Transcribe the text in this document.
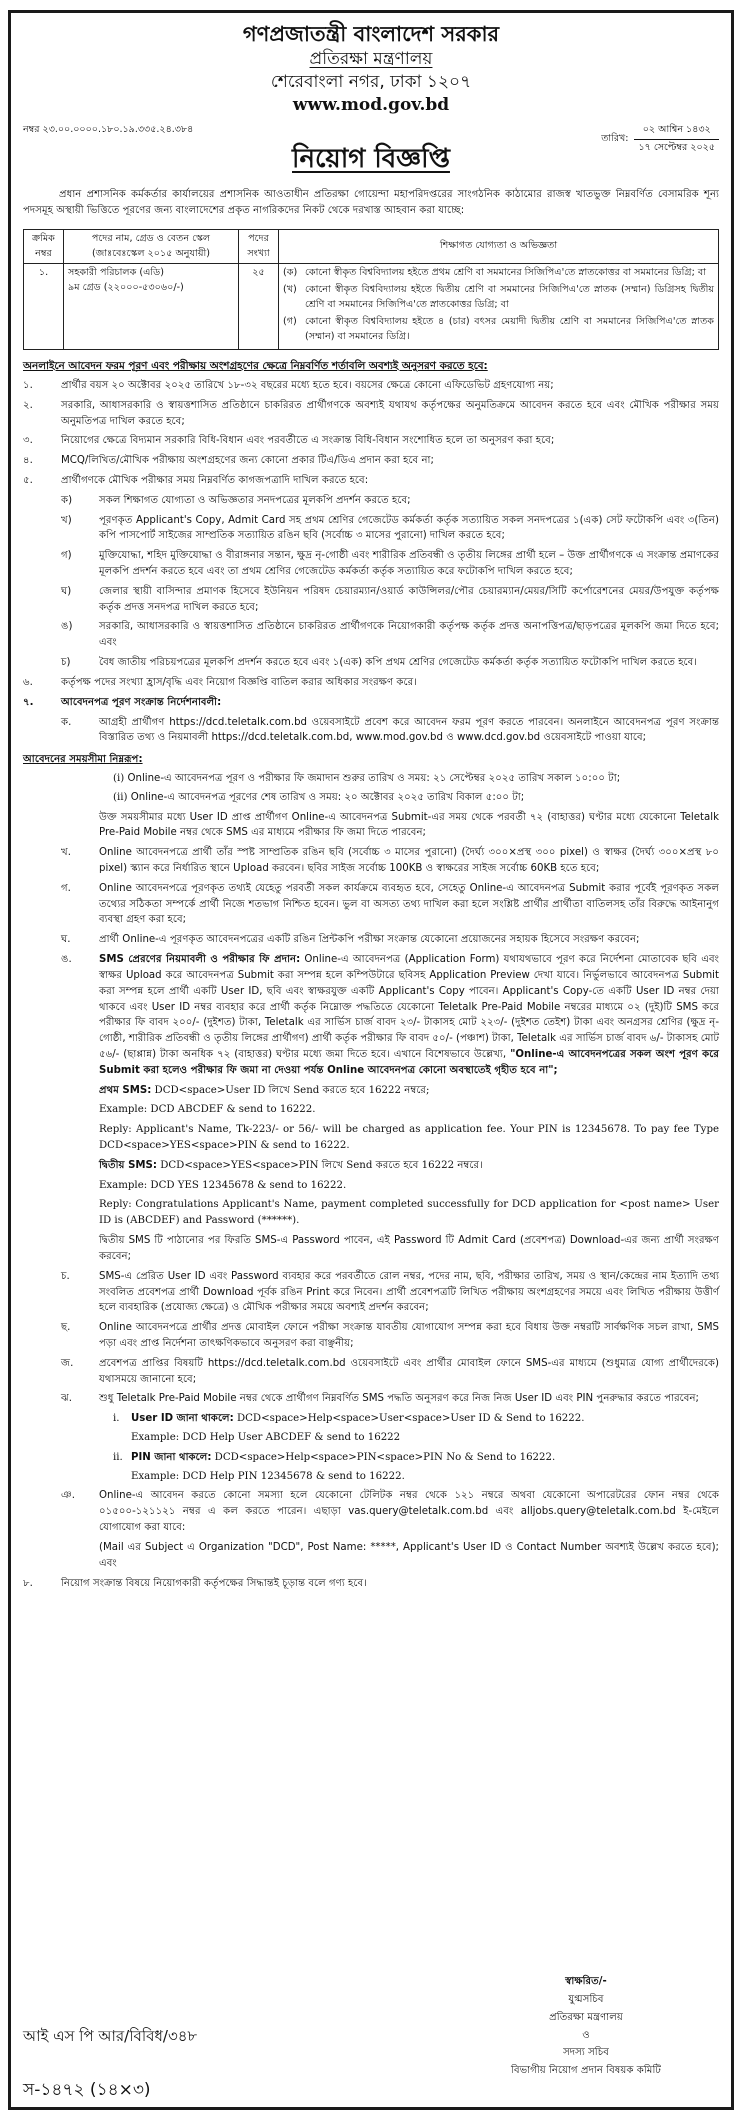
গণপ্রজাতন্ত্রী বাংলাদেশ সরকার
প্রতিরক্ষা মন্ত্রণালয়
শেরেবাংলা নগর, ঢাকা ১২০৭
www.mod.gov.bd
নম্বর ২৩.০০.০০০০.১৮০.১৯.৩৩৫.২৪.৩৮৪
তারিখ:
০২ আশ্বিন ১৪৩২
১৭ সেপ্টেম্বর ২০২৫
নিয়োগ বিজ্ঞপ্তি

প্রধান প্রশাসনিক কর্মকর্তার কার্যালয়ের প্রশাসনিক আওতাধীন প্রতিরক্ষা গোয়েন্দা মহাপরিদপ্তরের সাংগঠনিক কাঠামোর রাজস্ব খাতভুক্ত নিম্নবর্ণিত বেসামরিক শূন্য পদসমূহ অস্থায়ী ভিত্তিতে পূরণের জন্য বাংলাদেশের প্রকৃত নাগরিকদের নিকট থেকে দরখাস্ত আহবান করা যাচ্ছে:

ক্রমিক নম্বর	পদের নাম, গ্রেড ও বেতন স্কেল (জাঃবেঃস্কেল ২০১৫ অনুযায়ী)	পদের সংখ্যা	শিক্ষাগত যোগ্যতা ও অভিজ্ঞতা
১.	সহকারী পরিচালক (এডি)
৯ম গ্রেড (২২০০০-৫৩০৬০/-)
	২৫	(ক) কোনো স্বীকৃত বিশ্ববিদ্যালয় হইতে প্রথম শ্রেণি বা সমমানের সিজিপিএ'তে স্নাতকোত্তর বা সমমানের ডিগ্রি; বা
(খ) কোনো স্বীকৃত বিশ্ববিদ্যালয় হইতে দ্বিতীয় শ্রেণি বা সমমানের সিজিপিএ'তে স্নাতক (সম্মান) ডিগ্রিসহ দ্বিতীয় শ্রেণি বা সমমানের সিজিপিএ'তে স্নাতকোত্তর ডিগ্রি; বা
(গ) কোনো স্বীকৃত বিশ্ববিদ্যালয় হইতে ৪ (চার) বৎসর মেয়াদী দ্বিতীয় শ্রেণি বা সমমানের সিজিপিএ'তে স্নাতক (সম্মান) বা সমমানের ডিগ্রি।
অনলাইনে আবেদন ফরম পূরণ এবং পরীক্ষায় অংশগ্রহণের ক্ষেত্রে নিম্নবর্ণিত শর্তাবলি অবশ্যই অনুসরণ করতে হবে:
১.	প্রার্থীর বয়স ২০ অক্টোবর ২০২৫ তারিখে ১৮-৩২ বছরের মধ্যে হতে হবে। বয়সের ক্ষেত্রে কোনো এফিডেভিট গ্রহণযোগ্য নয়;
২.	সরকারি, আধাসরকারি ও স্বায়ত্তশাসিত প্রতিষ্ঠানে চাকরিরত প্রার্থীগণকে অবশ্যই যথাযথ কর্তৃপক্ষের অনুমতিক্রমে আবেদন করতে হবে এবং মৌখিক পরীক্ষার সময় অনুমতিপত্র দাখিল করতে হবে;
৩.	নিয়োগের ক্ষেত্রে বিদ্যমান সরকারি বিধি-বিধান এবং পরবর্তীতে এ সংক্রান্ত বিধি-বিধান সংশোধিত হলে তা অনুসরণ করা হবে;
৪.	MCQ/লিখিত/মৌখিক পরীক্ষায় অংশগ্রহণের জন্য কোনো প্রকার টিএ/ডিএ প্রদান করা হবে না;
৫.	প্রার্থীগণকে মৌখিক পরীক্ষার সময় নিম্নবর্ণিত কাগজপত্রাদি দাখিল করতে হবে:
ক)	সকল শিক্ষাগত যোগ্যতা ও অভিজ্ঞতার সনদপত্রের মূলকপি প্রদর্শন করতে হবে;
খ)	পূরণকৃত Applicant's Copy, Admit Card সহ প্রথম শ্রেণির গেজেটেড কর্মকর্তা কর্তৃক সত্যায়িত সকল সনদপত্রের ১(এক) সেট ফটোকপি এবং ৩(তিন) কপি পাসপোর্ট সাইজের সাম্প্রতিক সত্যায়িত রঙিন ছবি (সর্বোচ্চ ৩ মাসের পুরানো) দাখিল করতে হবে;
গ)	মুক্তিযোদ্ধা, শহিদ মুক্তিযোদ্ধা ও বীরাঙ্গনার সন্তান, ক্ষুদ্র নৃ-গোষ্ঠী এবং শারীরিক প্রতিবন্ধী ও তৃতীয় লিঙ্গের প্রার্থী হলে – উক্ত প্রার্থীগণকে এ সংক্রান্ত প্রমাণকের মূলকপি প্রদর্শন করতে হবে এবং তা প্রথম শ্রেণির গেজেটেড কর্মকর্তা কর্তৃক সত্যায়িত করে ফটোকপি দাখিল করতে হবে;
ঘ)	জেলার স্থায়ী বাসিন্দার প্রমাণক হিসেবে ইউনিয়ন পরিষদ চেয়ারম্যান/ওয়ার্ড কাউন্সিলর/পৌর চেয়ারম্যান/মেয়র/সিটি কর্পোরেশনের মেয়র/উপযুক্ত কর্তৃপক্ষ কর্তৃক প্রদত্ত সনদপত্র দাখিল করতে হবে;
ঙ)	সরকারি, আধাসরকারি ও স্বায়ত্তশাসিত প্রতিষ্ঠানে চাকরিরত প্রার্থীগণকে নিয়োগকারী কর্তৃপক্ষ কর্তৃক প্রদত্ত অনাপত্তিপত্র/ছাড়পত্রের মূলকপি জমা দিতে হবে; এবং
চ)	বৈধ জাতীয় পরিচয়পত্রের মূলকপি প্রদর্শন করতে হবে এবং ১(এক) কপি প্রথম শ্রেণির গেজেটেড কর্মকর্তা কর্তৃক সত্যায়িত ফটোকপি দাখিল করতে হবে।
৬.	কর্তৃপক্ষ পদের সংখ্যা হ্রাস/বৃদ্ধি এবং নিয়োগ বিজ্ঞপ্তি বাতিল করার অধিকার সংরক্ষণ করে।
৭.	আবেদনপত্র পূরণ সংক্রান্ত নির্দেশনাবলী:
ক.	আগ্রহী প্রার্থীগণ https://dcd.teletalk.com.bd ওয়েবসাইটে প্রবেশ করে আবেদন ফরম পূরণ করতে পারবেন। অনলাইনে আবেদনপত্র পূরণ সংক্রান্ত বিস্তারিত তথ্য ও নিয়মাবলী https://dcd.teletalk.com.bd, www.mod.gov.bd ও www.dcd.gov.bd ওয়েবসাইটে পাওয়া যাবে;
আবেদনের সময়সীমা নিম্নরূপ:
(i) Online-এ আবেদনপত্র পূরণ ও পরীক্ষার ফি জমাদান শুরুর তারিখ ও সময়: ২১ সেপ্টেম্বর ২০২৫ তারিখ সকাল ১০:০০ টা;
(ii) Online-এ আবেদনপত্র পূরণের শেষ তারিখ ও সময়: ২০ অক্টোবর ২০২৫ তারিখ বিকাল ৫:০০ টা;

উক্ত সময়সীমার মধ্যে User ID প্রাপ্ত প্রার্থীগণ Online-এ আবেদনপত্র Submit-এর সময় থেকে পরবর্তী ৭২ (বাহাত্তর) ঘণ্টার মধ্যে যেকোনো Teletalk Pre-Paid Mobile নম্বর থেকে SMS এর মাধ্যমে পরীক্ষার ফি জমা দিতে পারবেন;

খ.	Online আবেদনপত্রে প্রার্থী তাঁর স্পষ্ট সাম্প্রতিক রঙিন ছবি (সর্বোচ্চ ৩ মাসের পুরানো) (দৈর্ঘ্য ৩০০×প্রস্থ ৩০০ pixel) ও স্বাক্ষর (দৈর্ঘ্য ৩০০×প্রস্থ ৮০ pixel) স্ক্যান করে নির্ধারিত স্থানে Upload করবেন। ছবির সাইজ সর্বোচ্চ 100KB ও স্বাক্ষরের সাইজ সর্বোচ্চ 60KB হতে হবে;
গ.	Online আবেদনপত্রে পূরণকৃত তথ্যই যেহেতু পরবর্তী সকল কার্যক্রমে ব্যবহৃত হবে, সেহেতু Online-এ আবেদনপত্র Submit করার পূর্বেই পূরণকৃত সকল তথ্যের সঠিকতা সম্পর্কে প্রার্থী নিজে শতভাগ নিশ্চিত হবেন। ভুল বা অসত্য তথ্য দাখিল করা হলে সংশ্লিষ্ট প্রার্থীর প্রার্থীতা বাতিলসহ তাঁর বিরুদ্ধে আইনানুগ ব্যবস্থা গ্রহণ করা হবে;
ঘ.	প্রার্থী Online-এ পূরণকৃত আবেদনপত্রের একটি রঙিন প্রিন্টকপি পরীক্ষা সংক্রান্ত যেকোনো প্রয়োজনের সহায়ক হিসেবে সংরক্ষণ করবেন;
ঙ.	SMS প্রেরণের নিয়মাবলী ও পরীক্ষার ফি প্রদান: Online-এ আবেদনপত্র (Application Form) যথাযথভাবে পূরণ করে নির্দেশনা মোতাবেক ছবি এবং স্বাক্ষর Upload করে আবেদনপত্র Submit করা সম্পন্ন হলে কম্পিউটারে ছবিসহ Application Preview দেখা যাবে। নির্ভুলভাবে আবেদনপত্র Submit করা সম্পন্ন হলে প্রার্থী একটি User ID, ছবি এবং স্বাক্ষরযুক্ত একটি Applicant's Copy পাবেন। Applicant's Copy-তে একটি User ID নম্বর দেয়া থাকবে এবং User ID নম্বর ব্যবহার করে প্রার্থী কর্তৃক নিম্নোক্ত পদ্ধতিতে যেকোনো Teletalk Pre-Paid Mobile নম্বরের মাধ্যমে ০২ (দুই)টি SMS করে পরীক্ষার ফি বাবদ ২০০/- (দুইশত) টাকা, Teletalk এর সার্ভিস চার্জ বাবদ ২৩/- টাকাসহ মোট ২২৩/- (দুইশত তেইশ) টাকা এবং অনগ্রসর শ্রেণির (ক্ষুদ্র নৃ-গোষ্ঠী, শারীরিক প্রতিবন্ধী ও তৃতীয় লিঙ্গের প্রার্থীগণ) প্রার্থী কর্তৃক পরীক্ষার ফি বাবদ ৫০/- (পঞ্চাশ) টাকা, Teletalk এর সার্ভিস চার্জ বাবদ ৬/- টাকাসহ মোট ৫৬/- (ছাপ্পান্ন) টাকা অনধিক ৭২ (বাহাত্তর) ঘণ্টার মধ্যে জমা দিতে হবে। এখানে বিশেষভাবে উল্লেখ্য, "Online-এ আবেদনপত্রের সকল অংশ পূরণ করে Submit করা হলেও পরীক্ষার ফি জমা না দেওয়া পর্যন্ত Online আবেদনপত্র কোনো অবস্থাতেই গৃহীত হবে না";

প্রথম SMS: DCD<space>User ID লিখে Send করতে হবে 16222 নম্বরে;

Example: DCD ABCDEF & send to 16222.

Reply: Applicant's Name, Tk-223/- or 56/- will be charged as application fee. Your PIN is 12345678. To pay fee Type DCD<space>YES<space>PIN & send to 16222.

দ্বিতীয় SMS: DCD<space>YES<space>PIN লিখে Send করতে হবে 16222 নম্বরে।

Example: DCD YES 12345678 & send to 16222.

Reply: Congratulations Applicant's Name, payment completed successfully for DCD application for <post name> User ID is (ABCDEF) and Password (******).

দ্বিতীয় SMS টি পাঠানোর পর ফিরতি SMS-এ Password পাবেন, এই Password টি Admit Card (প্রবেশপত্র) Download-এর জন্য প্রার্থী সংরক্ষণ করবেন;

চ.	SMS-এ প্রেরিত User ID এবং Password ব্যবহার করে পরবর্তীতে রোল নম্বর, পদের নাম, ছবি, পরীক্ষার তারিখ, সময় ও স্থান/কেন্দ্রের নাম ইত্যাদি তথ্য সংবলিত প্রবেশপত্র প্রার্থী Download পূর্বক রঙিন Print করে নিবেন। প্রার্থী প্রবেশপত্রটি লিখিত পরীক্ষায় অংশগ্রহণের সময়ে এবং লিখিত পরীক্ষায় উত্তীর্ণ হলে ব্যবহারিক (প্রযোজ্য ক্ষেত্রে) ও মৌখিক পরীক্ষার সময়ে অবশ্যই প্রদর্শন করবেন;
ছ.	Online আবেদনপত্রে প্রার্থীর প্রদত্ত মোবাইল ফোনে পরীক্ষা সংক্রান্ত যাবতীয় যোগাযোগ সম্পন্ন করা হবে বিধায় উক্ত নম্বরটি সার্বক্ষণিক সচল রাখা, SMS পড়া এবং প্রাপ্ত নির্দেশনা তাৎক্ষণিকভাবে অনুসরণ করা বাঞ্ছনীয়;
জ.	প্রবেশপত্র প্রাপ্তির বিষয়টি https://dcd.teletalk.com.bd ওয়েবসাইটে এবং প্রার্থীর মোবাইল ফোনে SMS-এর মাধ্যমে (শুধুমাত্র যোগ্য প্রার্থীদেরকে) যথাসময়ে জানানো হবে;
ঝ.	শুধু Teletalk Pre-Paid Mobile নম্বর থেকে প্রার্থীগণ নিম্নবর্ণিত SMS পদ্ধতি অনুসরণ করে নিজ নিজ User ID এবং PIN পুনরুদ্ধার করতে পারবেন;
i.	User ID জানা থাকলে: DCD<space>Help<space>User<space>User ID & Send to 16222.
Example: DCD Help User ABCDEF & send to 16222
ii. PIN জানা থাকলে: DCD<space>Help<space>PIN<space>PIN No & Send to 16222.
Example: DCD Help PIN 12345678 & send to 16222.
ঞ.	Online-এ আবেদন করতে কোনো সমস্যা হলে যেকোনো টেলিটক নম্বর থেকে ১২১ নম্বরে অথবা যেকোনো অপারেটরের ফোন নম্বর থেকে ০১৫০০-১২১১২১ নম্বর এ কল করতে পারেন। এছাড়া vas.query@teletalk.com.bd এবং alljobs.query@teletalk.com.bd ই-মেইলে যোগাযোগ করা যাবে:

(Mail এর Subject এ Organization "DCD", Post Name: *****, Applicant's User ID ও Contact Number অবশ্যই উল্লেখ করতে হবে); এবং

৮.	নিয়োগ সংক্রান্ত বিষয়ে নিয়োগকারী কর্তৃপক্ষের সিদ্ধান্তই চূড়ান্ত বলে গণ্য হবে।
স্বাক্ষরিত/-
যুগ্মসচিব
প্রতিরক্ষা মন্ত্রণালয়
ও
সদস্য সচিব
বিভাগীয় নিয়োগ প্রদান বিষয়ক কমিটি
আই এস পি আর/বিবিধ/৩৪৮
স-১৪৭২ (১৪×৩)
